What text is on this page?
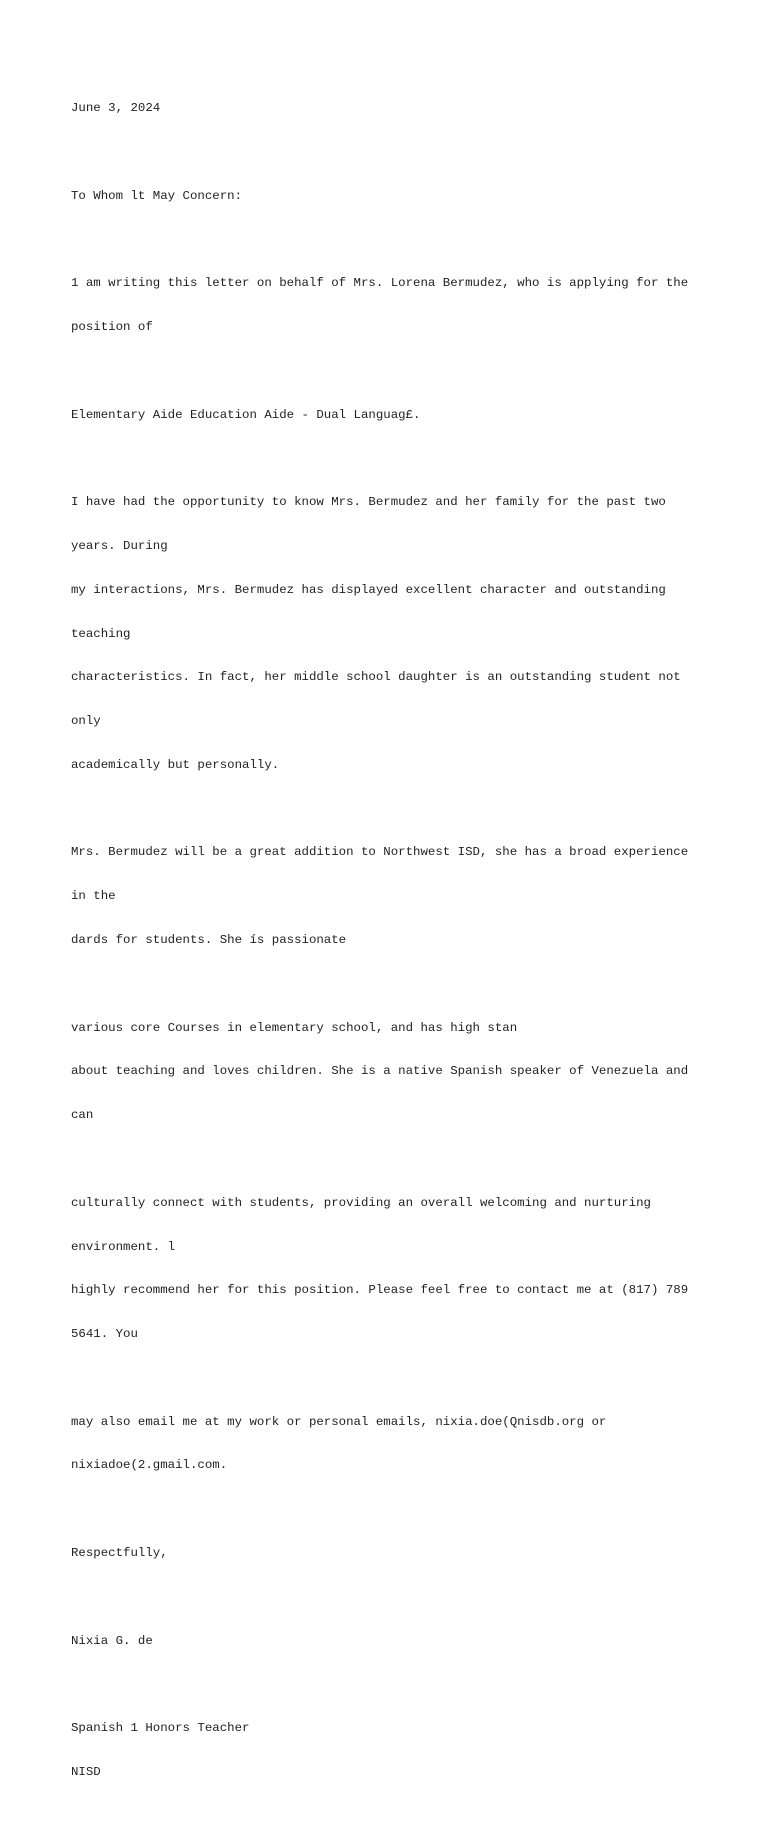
June 3, 2024

To Whom lt May Concern:

1 am writing this letter on behalf of Mrs. Lorena Bermudez, who is applying for the

position of

Elementary Aide Education Aide - Dual Languag£.

I have had the opportunity to know Mrs. Bermudez and her family for the past two

years. During

my interactions, Mrs. Bermudez has displayed excellent character and outstanding

teaching

characteristics. In fact, her middle school daughter is an outstanding student not

only

academically but personally.

Mrs. Bermudez will be a great addition to Northwest ISD, she has a broad experience

in the

dards for students. She ís passionate

various core Courses in elementary school, and has high stan

about teaching and loves children. She is a native Spanish speaker of Venezuela and

can

culturally connect with students, providing an overall welcoming and nurturing

environment. l

highly recommend her for this position. Please feel free to contact me at (817) 789

5641. You

may also email me at my work or personal emails, nixia.doe(Qnisdb.org or

nixiadoe(2.gmail.com.

Respectfully,

Nixia G. de

Spanish 1 Honors Teacher

NISD
